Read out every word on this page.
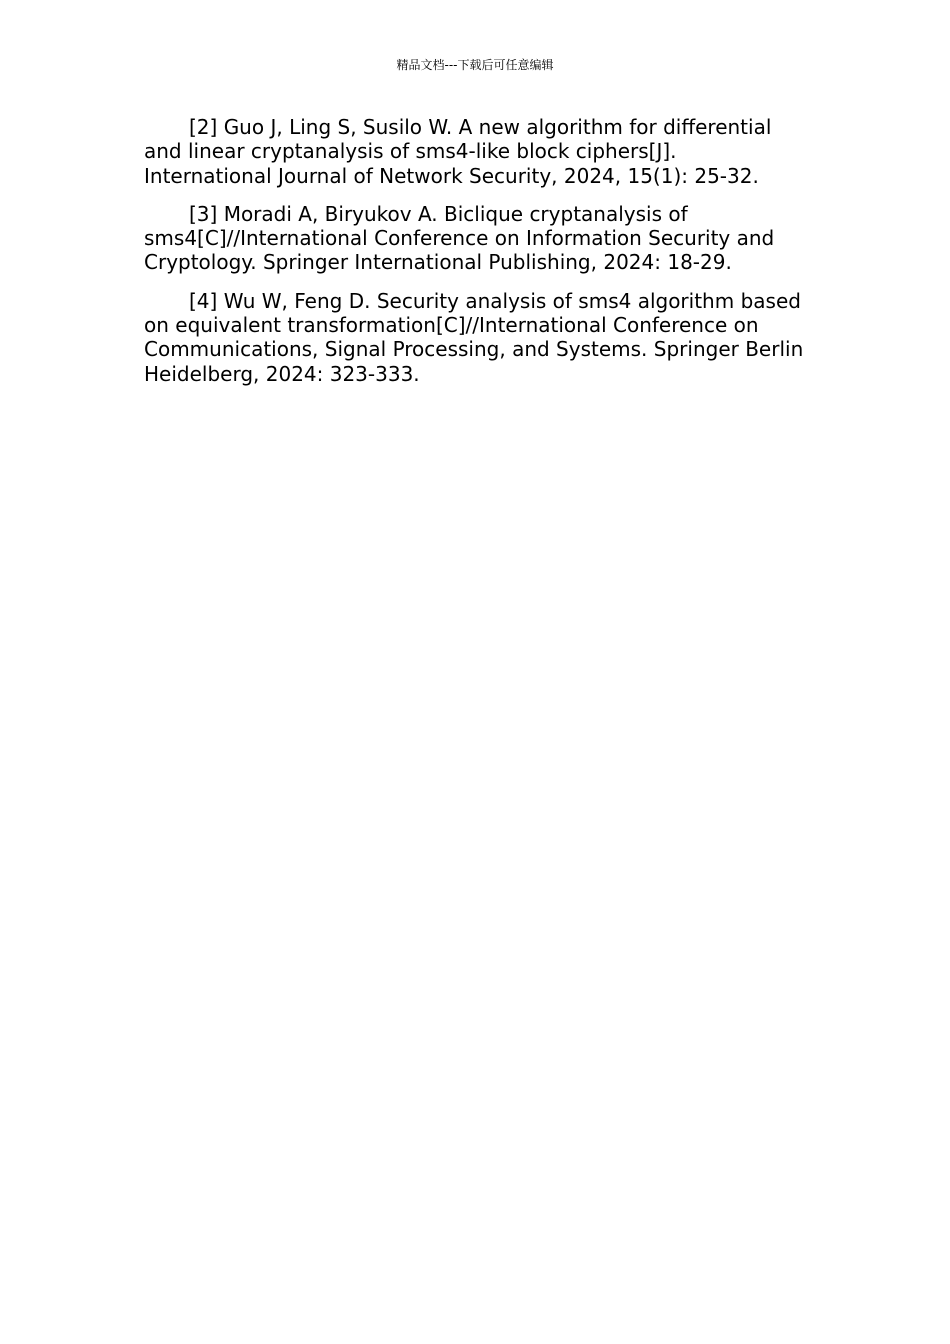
精品文档---下载后可任意编辑

[2] Guo J, Ling S, Susilo W. A new algorithm for differential and linear cryptanalysis of sms4-like block ciphers[J]. International Journal of Network Security, 2024, 15(1): 25-32.

[3] Moradi A, Biryukov A. Biclique cryptanalysis of sms4[C]//International Conference on Information Security and Cryptology. Springer International Publishing, 2024: 18-29.

[4] Wu W, Feng D. Security analysis of sms4 algorithm based on equivalent transformation[C]//International Conference on Communications, Signal Processing, and Systems. Springer Berlin Heidelberg, 2024: 323-333.
